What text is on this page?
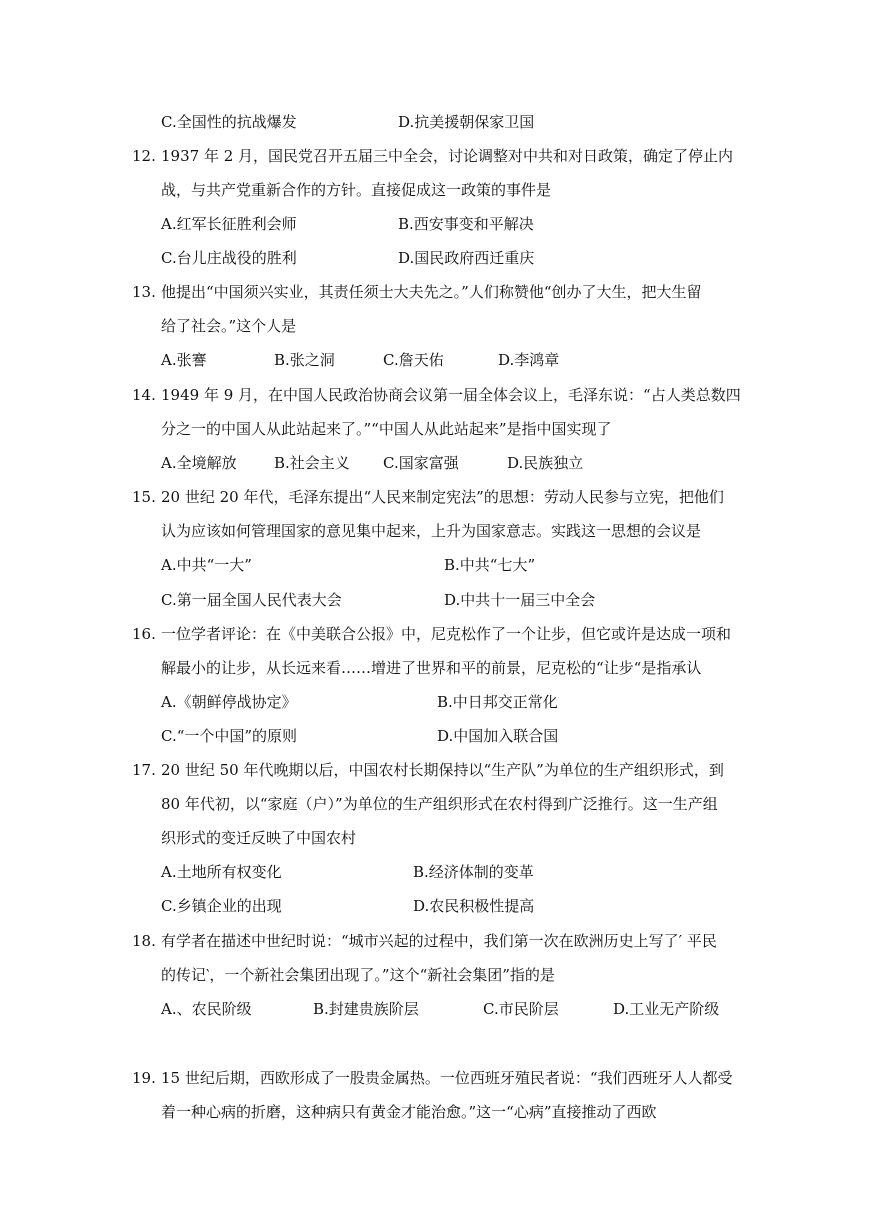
C.全国性的抗战爆发	D.抗美援朝保家卫国
12. 1937 年 2 月，国民党召开五届三中全会，讨论调整对中共和对日政策，确定了停止内
战，与共产党重新合作的方针。直接促成这一政策的事件是
A.红军长征胜利会师	B.西安事变和平解决
C.台儿庄战役的胜利	D.国民政府西迁重庆
13. 他提出“中国须兴实业，其责任须士大夫先之。”人们称赞他“创办了大生，把大生留
给了社会。”这个人是
A.张謇	B.张之洞	C.詹天佑	D.李鸿章
14. 1949 年 9 月，在中国人民政治协商会议第一届全体会议上，毛泽东说：“占人类总数四
分之一的中国人从此站起来了。”“中国人从此站起来”是指中国实现了
A.全境解放 B.社会主义 C.国家富强	D.民族独立
15. 20 世纪 20 年代，毛泽东提出“人民来制定宪法”的思想：劳动人民参与立宪，把他们
认为应该如何管理国家的意见集中起来，上升为国家意志。实践这一思想的会议是
A.中共“一大”	B.中共“七大”
C.第一届全国人民代表大会	D.中共十一届三中全会
16. 一位学者评论：在《中美联合公报》中，尼克松作了一个让步，但它或许是达成一项和
解最小的让步，从长远来看……增进了世界和平的前景，尼克松的“让步“是指承认
A.《朝鲜停战协定》	B.中日邦交正常化
C.“一个中国”的原则	D.中国加入联合国
17. 20 世纪 50 年代晚期以后，中国农村长期保持以“生产队”为单位的生产组织形式，到
80 年代初，以“家庭（户）”为单位的生产组织形式在农村得到广泛推行。这一生产组
织形式的变迁反映了中国农村
A.土地所有权变化	B.经济体制的变革
C.乡镇企业的出现	D.农民积极性提高
18. 有学者在描述中世纪时说：“城市兴起的过程中，我们第一次在欧洲历史上写了′ 平民
的传记‵，一个新社会集团出现了。”这个“新社会集团”指的是
A.、农民阶级	B.封建贵族阶层	C.市民阶层	D.工业无产阶级
19. 15 世纪后期，西欧形成了一股贵金属热。一位西班牙殖民者说：“我们西班牙人人都受
着一种心病的折磨，这种病只有黄金才能治愈。”这一“心病”直接推动了西欧
